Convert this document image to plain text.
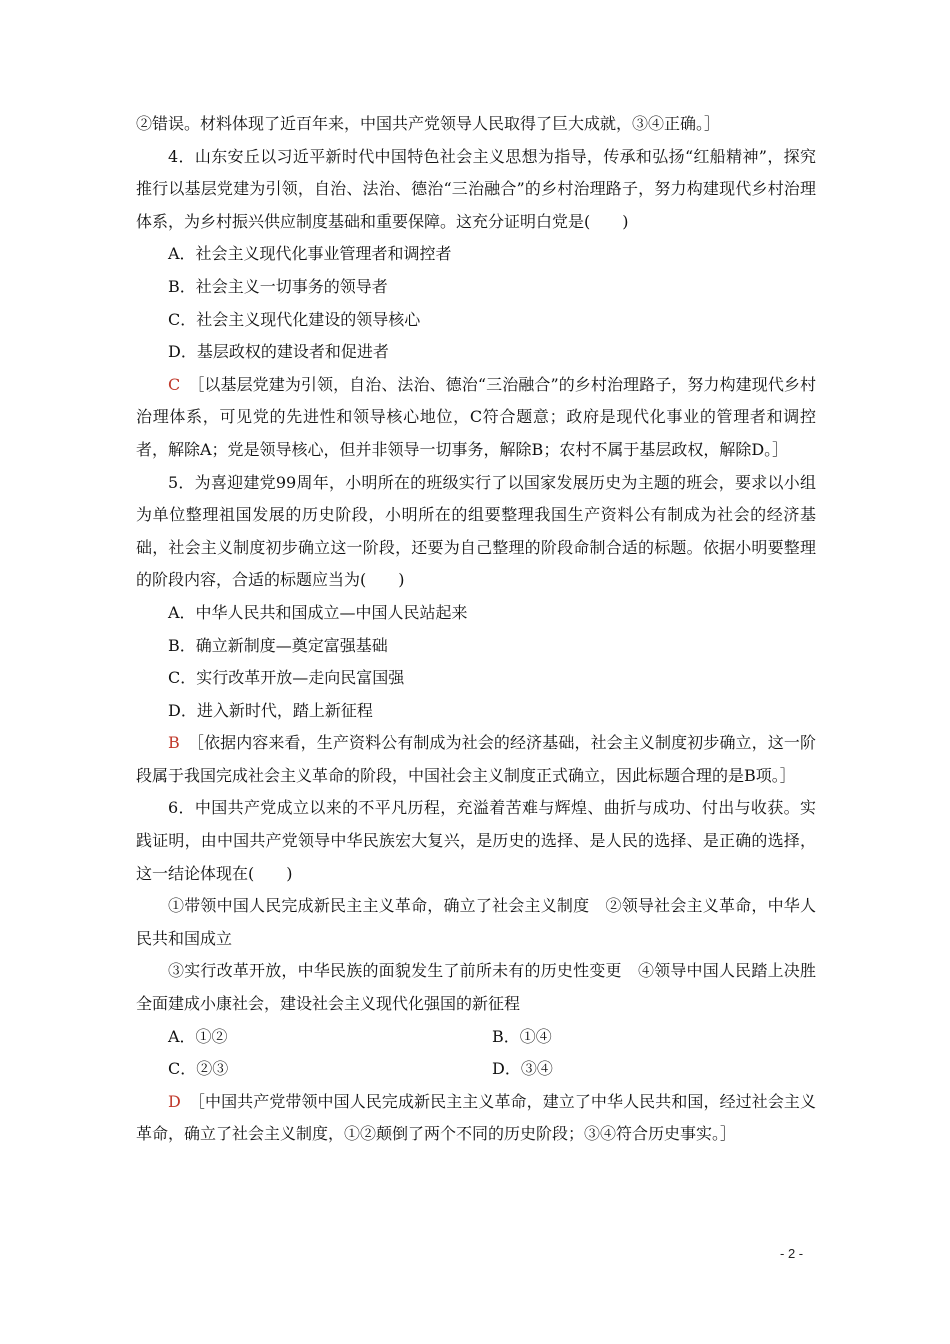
②错误。材料体现了近百年来，中国共产党领导人民取得了巨大成就，③④正确。］

4．山东安丘以习近平新时代中国特色社会主义思想为指导，传承和弘扬“红船精神”，探究推行以基层党建为引领，自治、法治、德治“三治融合”的乡村治理路子，努力构建现代乡村治理体系，为乡村振兴供应制度基础和重要保障。这充分证明白党是(　　)

A．社会主义现代化事业管理者和调控者

B．社会主义一切事务的领导者

C．社会主义现代化建设的领导核心

D．基层政权的建设者和促进者

C ［以基层党建为引领，自治、法治、德治“三治融合”的乡村治理路子，努力构建现代乡村治理体系，可见党的先进性和领导核心地位，C符合题意；政府是现代化事业的管理者和调控者，解除A；党是领导核心，但并非领导一切事务，解除B；农村不属于基层政权，解除D。］

5．为喜迎建党99周年，小明所在的班级实行了以国家发展历史为主题的班会，要求以小组为单位整理祖国发展的历史阶段，小明所在的组要整理我国生产资料公有制成为社会的经济基础，社会主义制度初步确立这一阶段，还要为自己整理的阶段命制合适的标题。依据小明要整理的阶段内容，合适的标题应当为(　　)

A．中华人民共和国成立—中国人民站起来

B．确立新制度—奠定富强基础

C．实行改革开放—走向民富国强

D．进入新时代，踏上新征程

B ［依据内容来看，生产资料公有制成为社会的经济基础，社会主义制度初步确立，这一阶段属于我国完成社会主义革命的阶段，中国社会主义制度正式确立，因此标题合理的是B项。］

6．中国共产党成立以来的不平凡历程，充溢着苦难与辉煌、曲折与成功、付出与收获。实践证明，由中国共产党领导中华民族宏大复兴，是历史的选择、是人民的选择、是正确的选择，这一结论体现在(　　)

①带领中国人民完成新民主主义革命，确立了社会主义制度　②领导社会主义革命，中华人民共和国成立

③实行改革开放，中华民族的面貌发生了前所未有的历史性变更　④领导中国人民踏上决胜全面建成小康社会，建设社会主义现代化强国的新征程

A．①②	B．①④
C．②③	D．③④

D ［中国共产党带领中国人民完成新民主主义革命，建立了中华人民共和国，经过社会主义革命，确立了社会主义制度，①②颠倒了两个不同的历史阶段；③④符合历史事实。］

- 2 -
